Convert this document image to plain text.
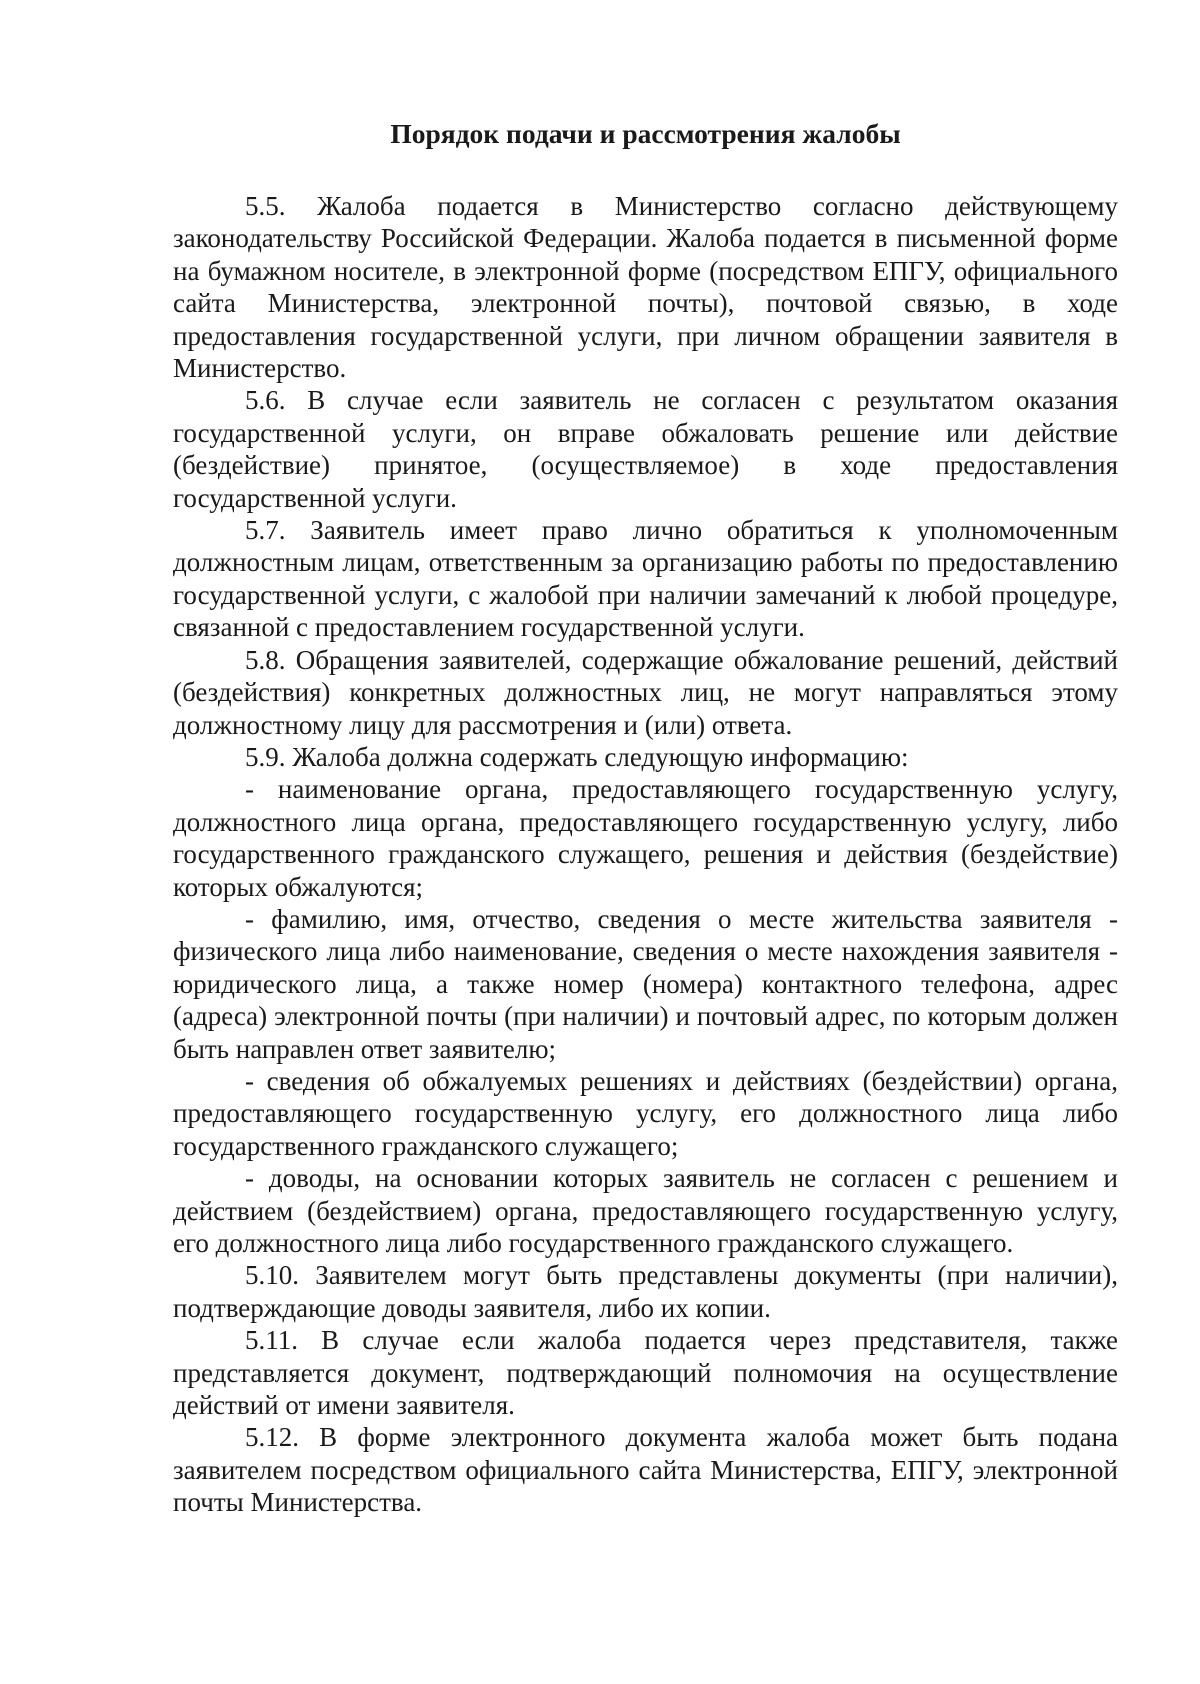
Порядок подачи и рассмотрения жалобы

5.5. Жалоба подается в Министерство согласно действующему законодательству Российской Федерации. Жалоба подается в письменной форме на бумажном носителе, в электронной форме (посредством ЕПГУ, официального сайта Министерства, электронной почты), почтовой связью, в ходе предоставления государственной услуги, при личном обращении заявителя в Министерство.

5.6. В случае если заявитель не согласен с результатом оказания государственной услуги, он вправе обжаловать решение или действие (бездействие) принятое, (осуществляемое) в ходе предоставления государственной услуги.

5.7. Заявитель имеет право лично обратиться к уполномоченным должностным лицам, ответственным за организацию работы по предоставлению государственной услуги, с жалобой при наличии замечаний к любой процедуре, связанной с предоставлением государственной услуги.

5.8. Обращения заявителей, содержащие обжалование решений, действий (бездействия) конкретных должностных лиц, не могут направляться этому должностному лицу для рассмотрения и (или) ответа.

5.9. Жалоба должна содержать следующую информацию:

- наименование органа, предоставляющего государственную услугу, должностного лица органа, предоставляющего государственную услугу, либо государственного гражданского служащего, решения и действия (бездействие) которых обжалуются;

- фамилию, имя, отчество, сведения о месте жительства заявителя - физического лица либо наименование, сведения о месте нахождения заявителя - юридического лица, а также номер (номера) контактного телефона, адрес (адреса) электронной почты (при наличии) и почтовый адрес, по которым должен быть направлен ответ заявителю;

- сведения об обжалуемых решениях и действиях (бездействии) органа, предоставляющего государственную услугу, его должностного лица либо государственного гражданского служащего;

- доводы, на основании которых заявитель не согласен с решением и действием (бездействием) органа, предоставляющего государственную услугу, его должностного лица либо государственного гражданского служащего.

5.10. Заявителем могут быть представлены документы (при наличии), подтверждающие доводы заявителя, либо их копии.

5.11. В случае если жалоба подается через представителя, также представляется документ, подтверждающий полномочия на осуществление действий от имени заявителя.

5.12. В форме электронного документа жалоба может быть подана заявителем посредством официального сайта Министерства, ЕПГУ, электронной почты Министерства.
